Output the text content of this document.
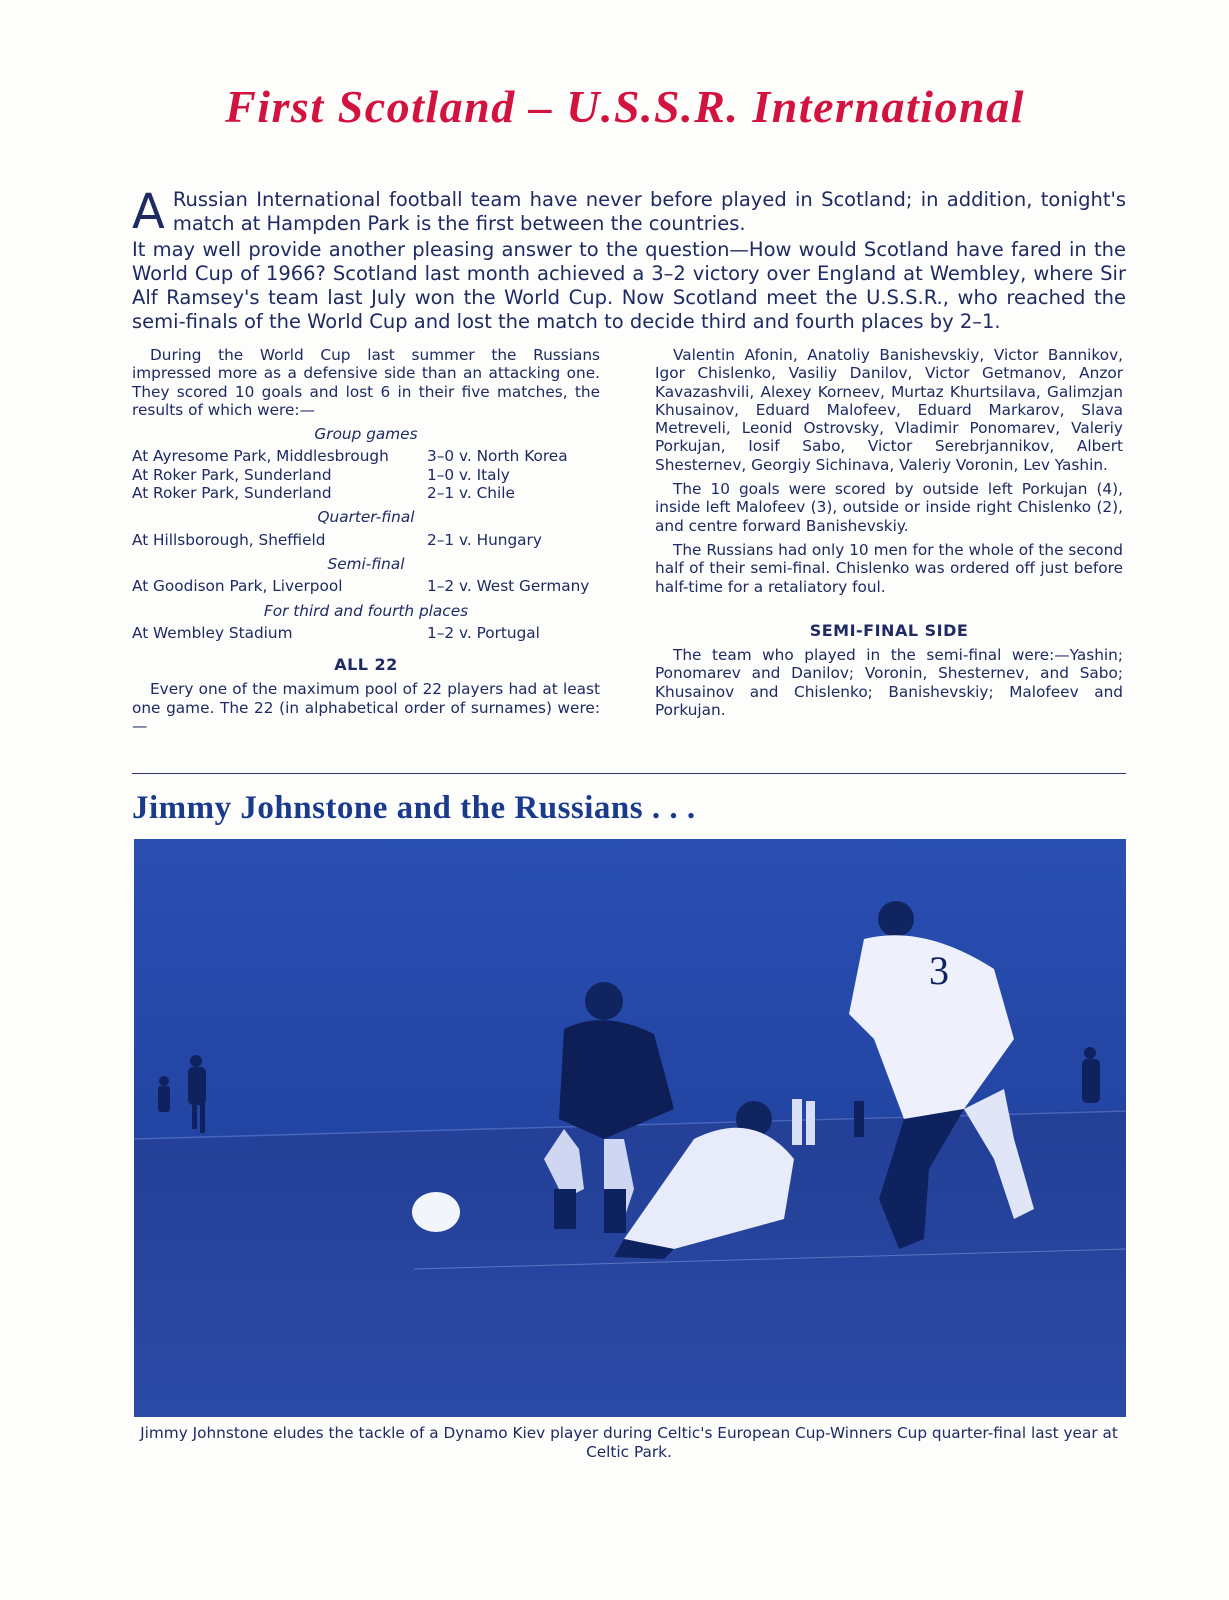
First Scotland – U.S.S.R. International

A Russian International football team have never before played in Scotland; in addition, tonight's match at Hampden Park is the first between the countries.

It may well provide another pleasing answer to the question—How would Scotland have fared in the World Cup of 1966? Scotland last month achieved a 3–2 victory over England at Wembley, where Sir Alf Ramsey's team last July won the World Cup. Now Scotland meet the U.S.S.R., who reached the semi-finals of the World Cup and lost the match to decide third and fourth places by 2–1.

During the World Cup last summer the Russians impressed more as a defensive side than an attacking one. They scored 10 goals and lost 6 in their five matches, the results of which were:—

Group games
At Ayresome Park, Middlesbrough	3–0 v. North Korea
At Roker Park, Sunderland	1–0 v. Italy
At Roker Park, Sunderland	2–1 v. Chile
Quarter-final
At Hillsborough, Sheffield	2–1 v. Hungary
Semi-final
At Goodison Park, Liverpool	1–2 v. West Germany
For third and fourth places
At Wembley Stadium	1–2 v. Portugal
ALL 22

Every one of the maximum pool of 22 players had at least one game. The 22 (in alphabetical order of surnames) were:—

Valentin Afonin, Anatoliy Banishevskiy, Victor Bannikov, Igor Chislenko, Vasiliy Danilov, Victor Getmanov, Anzor Kavazashvili, Alexey Korneev, Murtaz Khurtsilava, Galimzjan Khusainov, Eduard Malofeev, Eduard Markarov, Slava Metreveli, Leonid Ostrovsky, Vladimir Ponomarev, Valeriy Porkujan, Iosif Sabo, Victor Serebrjannikov, Albert Shesternev, Georgiy Sichinava, Valeriy Voronin, Lev Yashin.

The 10 goals were scored by outside left Porkujan (4), inside left Malofeev (3), outside or inside right Chislenko (2), and centre forward Banishevskiy.

The Russians had only 10 men for the whole of the second half of their semi-final. Chislenko was ordered off just before half-time for a retaliatory foul.

SEMI-FINAL SIDE

The team who played in the semi-final were:—Yashin; Ponomarev and Danilov; Voronin, Shesternev, and Sabo; Khusainov and Chislenko; Banishevskiy; Malofeev and Porkujan.

Jimmy Johnstone and the Russians . . .
3
Jimmy Johnstone eludes the tackle of a Dynamo Kiev player during Celtic's European Cup-Winners Cup quarter-final last year at Celtic Park.
